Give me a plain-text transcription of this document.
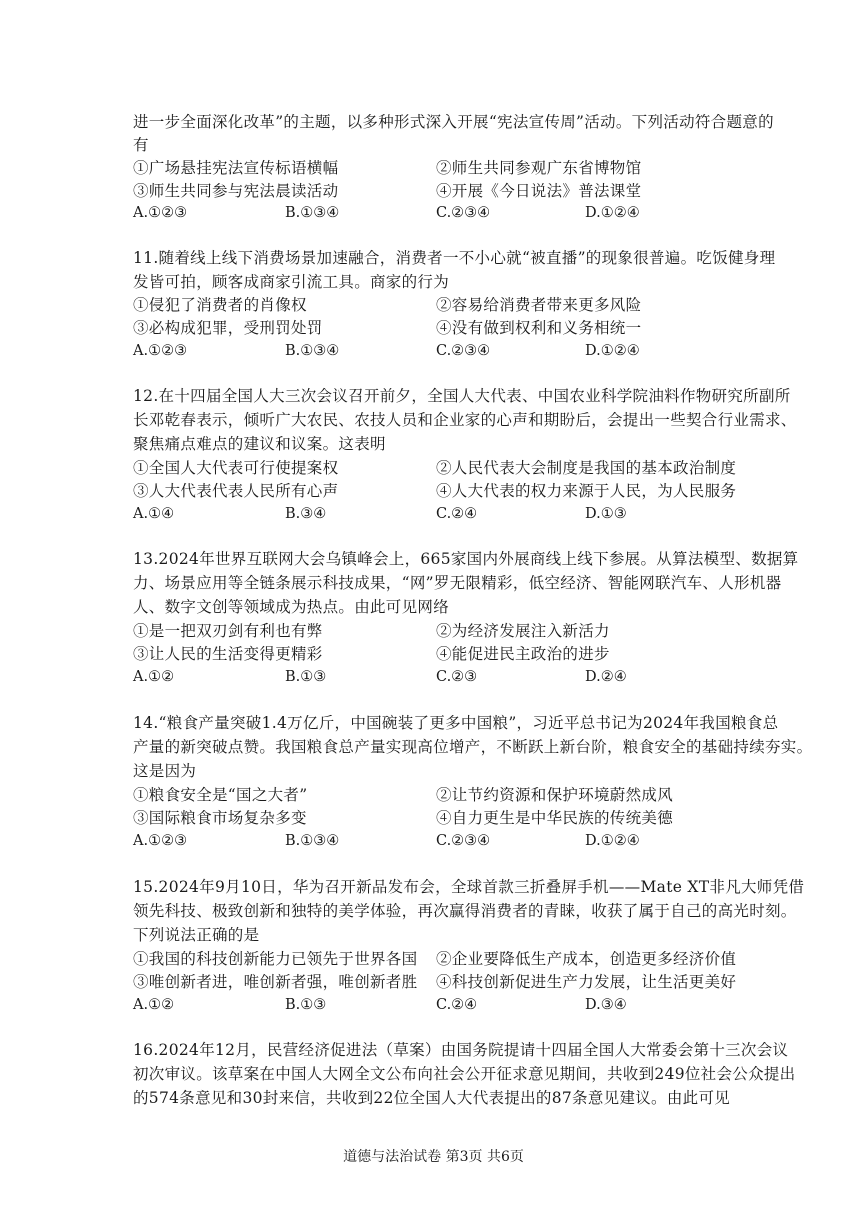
进一步全面深化改革”的主题，以多种形式深入开展“宪法宣传周”活动。下列活动符合题意的
有
①广场悬挂宪法宣传标语横幅	②师生共同参观广东省博物馆
③师生共同参与宪法晨读活动	④开展《今日说法》普法课堂
A.①②③	B.①③④	C.②③④	D.①②④
11.随着线上线下消费场景加速融合，消费者一不小心就“被直播”的现象很普遍。吃饭健身理
发皆可拍，顾客成商家引流工具。商家的行为
①侵犯了消费者的肖像权	②容易给消费者带来更多风险
③必构成犯罪，受刑罚处罚	④没有做到权利和义务相统一
A.①②③	B.①③④	C.②③④	D.①②④
12.在十四届全国人大三次会议召开前夕，全国人大代表、中国农业科学院油料作物研究所副所
长邓乾春表示，倾听广大农民、农技人员和企业家的心声和期盼后，会提出一些契合行业需求、
聚焦痛点难点的建议和议案。这表明
①全国人大代表可行使提案权	②人民代表大会制度是我国的基本政治制度
③人大代表代表人民所有心声	④人大代表的权力来源于人民，为人民服务
A.①④	B.③④	C.②④	D.①③
13.2024年世界互联网大会乌镇峰会上，665家国内外展商线上线下参展。从算法模型、数据算
力、场景应用等全链条展示科技成果，“网”罗无限精彩，低空经济、智能网联汽车、人形机器
人、数字文创等领域成为热点。由此可见网络
①是一把双刃剑有利也有弊	②为经济发展注入新活力
③让人民的生活变得更精彩	④能促进民主政治的进步
A.①②	B.①③	C.②③	D.②④
14.“粮食产量突破1.4万亿斤，中国碗装了更多中国粮”，习近平总书记为2024年我国粮食总
产量的新突破点赞。我国粮食总产量实现高位增产，不断跃上新台阶，粮食安全的基础持续夯实。
这是因为
①粮食安全是“国之大者”	②让节约资源和保护环境蔚然成风
③国际粮食市场复杂多变	④自力更生是中华民族的传统美德
A.①②③	B.①③④	C.②③④	D.①②④
15.2024年9月10日，华为召开新品发布会，全球首款三折叠屏手机——Mate XT非凡大师凭借
领先科技、极致创新和独特的美学体验，再次赢得消费者的青睐，收获了属于自己的高光时刻。
下列说法正确的是
①我国的科技创新能力已领先于世界各国 ②企业要降低生产成本，创造更多经济价值
③唯创新者进，唯创新者强，唯创新者胜 ④科技创新促进生产力发展，让生活更美好
A.①②	B.①③	C.②④	D.③④
16.2024年12月，民营经济促进法（草案）由国务院提请十四届全国人大常委会第十三次会议
初次审议。该草案在中国人大网全文公布向社会公开征求意见期间，共收到249位社会公众提出
的574条意见和30封来信，共收到22位全国人大代表提出的87条意见建议。由此可见
道德与法治试卷 第3页 共6页
